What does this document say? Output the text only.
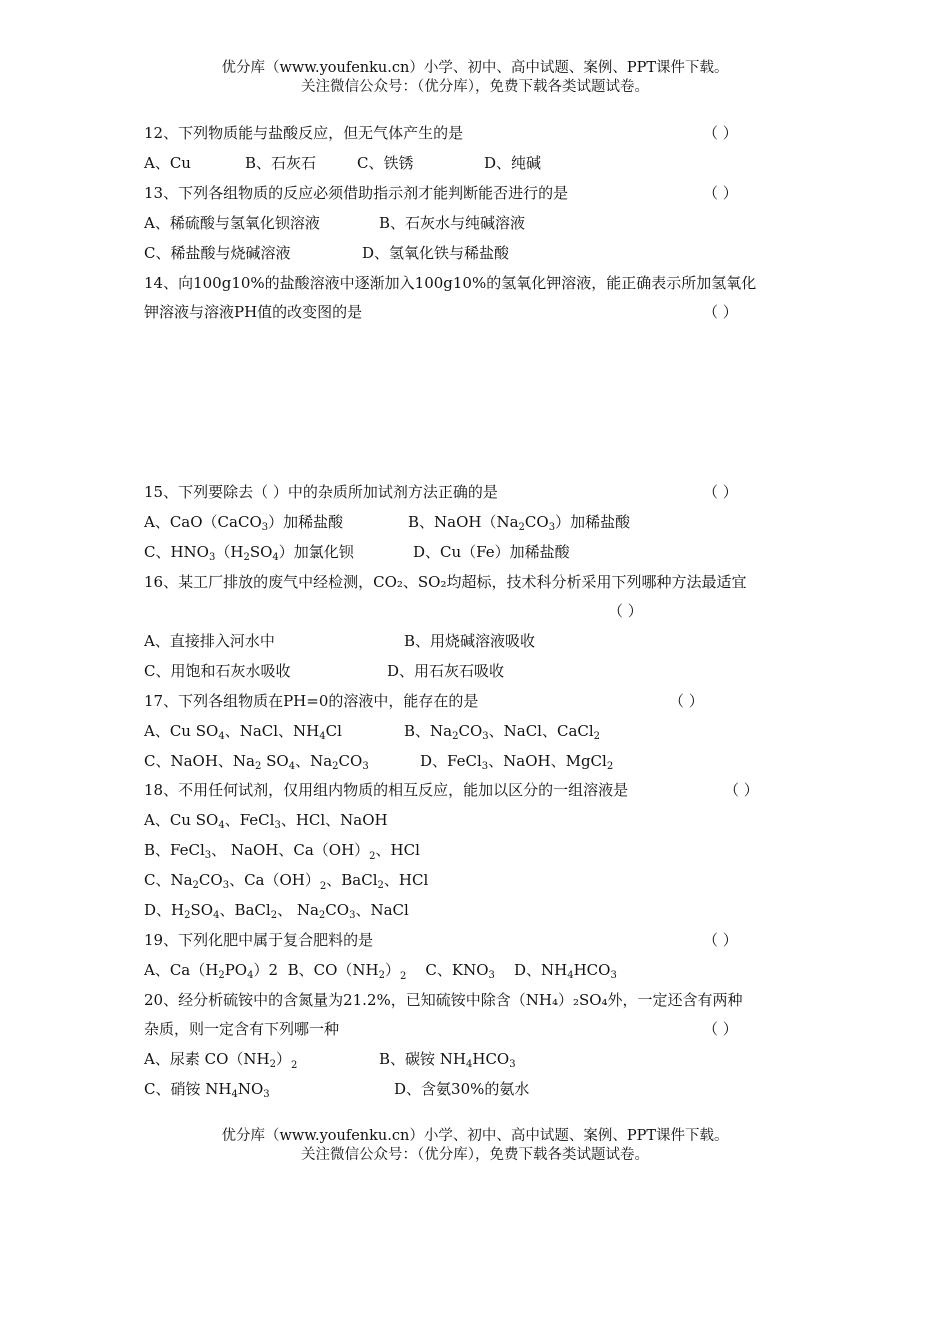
优分库（www.youfenku.cn）小学、初中、高中试题、案例、PPT课件下载。
关注微信公众号：（优分库），免费下载各类试题试卷。
12、下列物质能与盐酸反应，但无气体产生的是	（ ）
A、Cu	B、石灰石	C、铁锈	D、纯碱
13、下列各组物质的反应必须借助指示剂才能判断能否进行的是	（ ）
A、稀硫酸与氢氧化钡溶液	B、石灰水与纯碱溶液
C、稀盐酸与烧碱溶液	D、氢氧化铁与稀盐酸
14、向100g10%的盐酸溶液中逐渐加入100g10%的氢氧化钾溶液，能正确表示所加氢氧化
钾溶液与溶液PH值的改变图的是	（ ）
15、下列要除去（ ）中的杂质所加试剂方法正确的是	（ ）
A、CaO（CaCO$_3$）加稀盐酸	B、$NaOH(Na_2CO_3)$加稀盐酸
C、$HNO_3(H_2SO_4)$加氯化钡	D、Cu（Fe）加稀盐酸
16、某工厂排放的废气中经检测，CO₂、SO₂均超标，技术科分析采用下列哪种方法最适宜
（ ）
A、直接排入河水中	B、用烧碱溶液吸收
C、用饱和石灰水吸收	D、用石灰石吸收
17、下列各组物质在PH=0的溶液中，能存在的是	（ ）
A、Cu $SO_4$、NaCl、$NH_4Cl$	B、$Na_2CO_3$、NaCl、CaCl$_2$
C、NaOH、$Na_2$ $SO_4$、$Na_2CO_3$	D、FeCl$_3$、NaOH、MgCl$_2$
18、不用任何试剂，仅用组内物质的相互反应，能加以区分的一组溶液是	（ ）
A、Cu $SO_4$、FeCl$_3$、HCl、NaOH
B、FeCl$_3$、 NaOH、$Ca(OH)_2$、HCl
C、$Na_2CO_3$、$Ca(OH)_2$、BaCl$_2$、HCl
D、$H_2SO_4$、BaCl$_2$、 $Na_2CO_3$、NaCl
19、下列化肥中属于复合肥料的是	（ ）
A、$Ca(H_2PO_4)2$  B、$CO(NH_2)_2$    C、$KNO_3$    D、$NH_4HCO_3$
20、经分析硫铵中的含氮量为21.2%，已知硫铵中除含（NH₄）₂SO₄外，一定还含有两种
杂质，则一定含有下列哪一种	（ ）
A、尿素 $CO(NH_2)_2$	B、碳铵 $NH_4HCO_3$
C、硝铵 $NH_4NO_3$	D、含氨30%的氨水
优分库（www.youfenku.cn）小学、初中、高中试题、案例、PPT课件下载。
关注微信公众号：（优分库），免费下载各类试题试卷。
